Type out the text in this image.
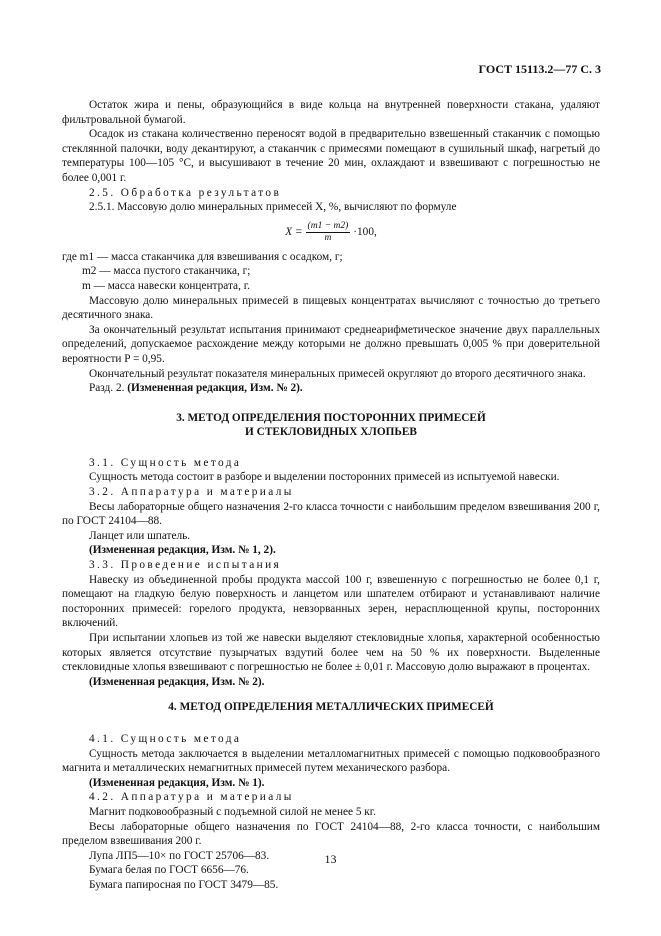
ГОСТ 15113.2—77 С. 3

Остаток жира и пены, образующийся в виде кольца на внутренней поверхности стакана, удаляют фильтровальной бумагой.

Осадок из стакана количественно переносят водой в предварительно взвешенный стаканчик с помощью стеклянной палочки, воду декантируют, а стаканчик с примесями помещают в сушильный шкаф, нагретый до температуры 100—105 °С, и высушивают в течение 20 мин, охлаждают и взвешивают с погрешностью не более 0,001 г.

2.5. Обработка результатов

2.5.1. Массовую долю минеральных примесей X, %, вычисляют по формуле

$X = \frac{(m1 - m2)}{m} \cdot 100$,

где m1 — масса стаканчика для взвешивания с осадком, г;

m2 — масса пустого стаканчика, г;

m — масса навески концентрата, г.

Массовую долю минеральных примесей в пищевых концентратах вычисляют с точностью до третьего десятичного знака.

За окончательный результат испытания принимают среднеарифметическое значение двух параллельных определений, допускаемое расхождение между которыми не должно превышать 0,005 % при доверительной вероятности P = 0,95.

Окончательный результат показателя минеральных примесей округляют до второго десятичного знака.

Разд. 2. (Измененная редакция, Изм. № 2).

3. МЕТОД ОПРЕДЕЛЕНИЯ ПОСТОРОННИХ ПРИМЕСЕЙ
И СТЕКЛОВИДНЫХ ХЛОПЬЕВ

3.1. Сущность метода

Сущность метода состоит в разборе и выделении посторонних примесей из испытуемой навески.

3.2. Аппаратура и материалы

Весы лабораторные общего назначения 2-го класса точности с наибольшим пределом взвешивания 200 г, по ГОСТ 24104—88.

Ланцет или шпатель.

(Измененная редакция, Изм. № 1, 2).

3.3. Проведение испытания

Навеску из объединенной пробы продукта массой 100 г, взвешенную с погрешностью не более 0,1 г, помещают на гладкую белую поверхность и ланцетом или шпателем отбирают и устанавливают наличие посторонних примесей: горелого продукта, невзорванных зерен, нерасплющенной крупы, посторонних включений.

При испытании хлопьев из той же навески выделяют стекловидные хлопья, характерной особенностью которых является отсутствие пузырчатых вздутий более чем на 50 % их поверхности. Выделенные стекловидные хлопья взвешивают с погрешностью не более ± 0,01 г. Массовую долю выражают в процентах.

(Измененная редакция, Изм. № 2).

4. МЕТОД ОПРЕДЕЛЕНИЯ МЕТАЛЛИЧЕСКИХ ПРИМЕСЕЙ

4.1. Сущность метода

Сущность метода заключается в выделении металломагнитных примесей с помощью подковообразного магнита и металлических немагнитных примесей путем механического разбора.

(Измененная редакция, Изм. № 1).

4.2. Аппаратура и материалы

Магнит подковообразный с подъемной силой не менее 5 кг.

Весы лабораторные общего назначения по ГОСТ 24104—88, 2-го класса точности, с наибольшим пределом взвешивания 200 г.

Лупа ЛП5—10× по ГОСТ 25706—83.

Бумага белая по ГОСТ 6656—76.

Бумага папиросная по ГОСТ 3479—85.

13
